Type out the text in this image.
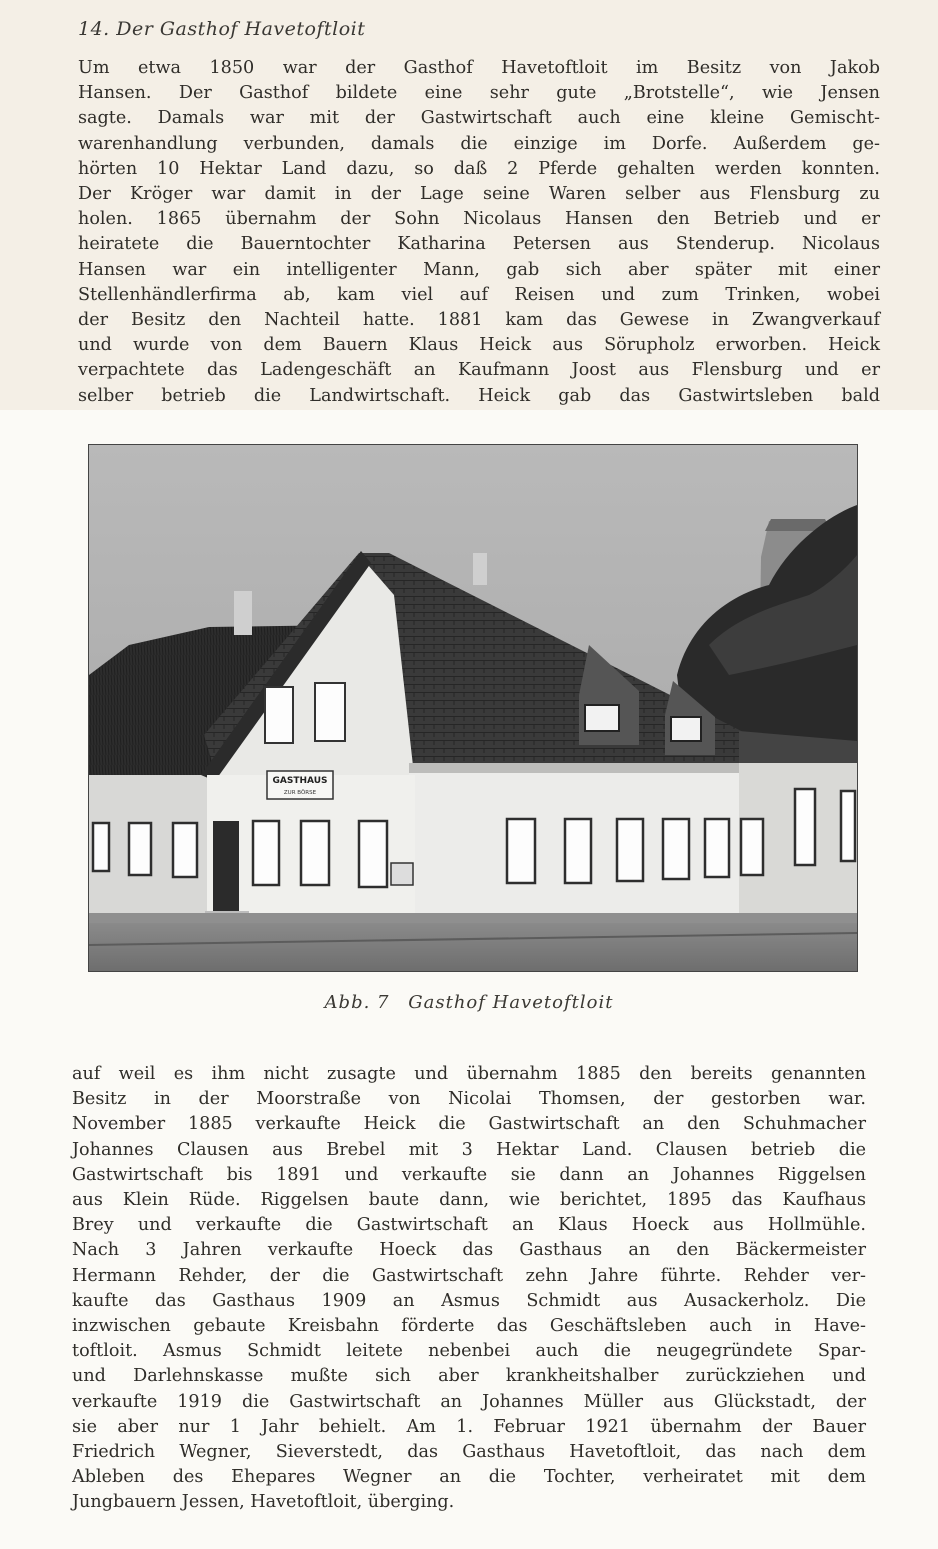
14. Der Gasthof Havetoftloit

Um etwa 1850 war der Gasthof Havetoftloit im Besitz von Jakob
Hansen. Der Gasthof bildete eine sehr gute „Brotstelle“, wie Jensen
sagte. Damals war mit der Gastwirtschaft auch eine kleine Gemischt-
warenhandlung verbunden, damals die einzige im Dorfe. Außerdem ge-
hörten 10 Hektar Land dazu, so daß 2 Pferde gehalten werden konnten.
Der Kröger war damit in der Lage seine Waren selber aus Flensburg zu
holen. 1865 übernahm der Sohn Nicolaus Hansen den Betrieb und er
heiratete die Bauerntochter Katharina Petersen aus Stenderup. Nicolaus
Hansen war ein intelligenter Mann, gab sich aber später mit einer
Stellenhändlerfirma ab, kam viel auf Reisen und zum Trinken, wobei
der Besitz den Nachteil hatte. 1881 kam das Gewese in Zwangverkauf
und wurde von dem Bauern Klaus Heick aus Sörupholz erworben. Heick
verpachtete das Ladengeschäft an Kaufmann Joost aus Flensburg und er
selber betrieb die Landwirtschaft. Heick gab das Gastwirtsleben bald

GASTHAUS
ZUR BÖRSE

Abb. 7 Gasthof Havetoftloit

auf weil es ihm nicht zusagte und übernahm 1885 den bereits genannten
Besitz in der Moorstraße von Nicolai Thomsen, der gestorben war.
November 1885 verkaufte Heick die Gastwirtschaft an den Schuhmacher
Johannes Clausen aus Brebel mit 3 Hektar Land. Clausen betrieb die
Gastwirtschaft bis 1891 und verkaufte sie dann an Johannes Riggelsen
aus Klein Rüde. Riggelsen baute dann, wie berichtet, 1895 das Kaufhaus
Brey und verkaufte die Gastwirtschaft an Klaus Hoeck aus Hollmühle.
Nach 3 Jahren verkaufte Hoeck das Gasthaus an den Bäckermeister
Hermann Rehder, der die Gastwirtschaft zehn Jahre führte. Rehder ver-
kaufte das Gasthaus 1909 an Asmus Schmidt aus Ausackerholz. Die
inzwischen gebaute Kreisbahn förderte das Geschäftsleben auch in Have-
toftloit. Asmus Schmidt leitete nebenbei auch die neugegründete Spar-
und Darlehnskasse mußte sich aber krankheitshalber zurückziehen und
verkaufte 1919 die Gastwirtschaft an Johannes Müller aus Glückstadt, der
sie aber nur 1 Jahr behielt. Am 1. Februar 1921 übernahm der Bauer
Friedrich Wegner, Sieverstedt, das Gasthaus Havetoftloit, das nach dem
Ableben des Ehepares Wegner an die Tochter, verheiratet mit dem
Jungbauern Jessen, Havetoftloit, überging.
